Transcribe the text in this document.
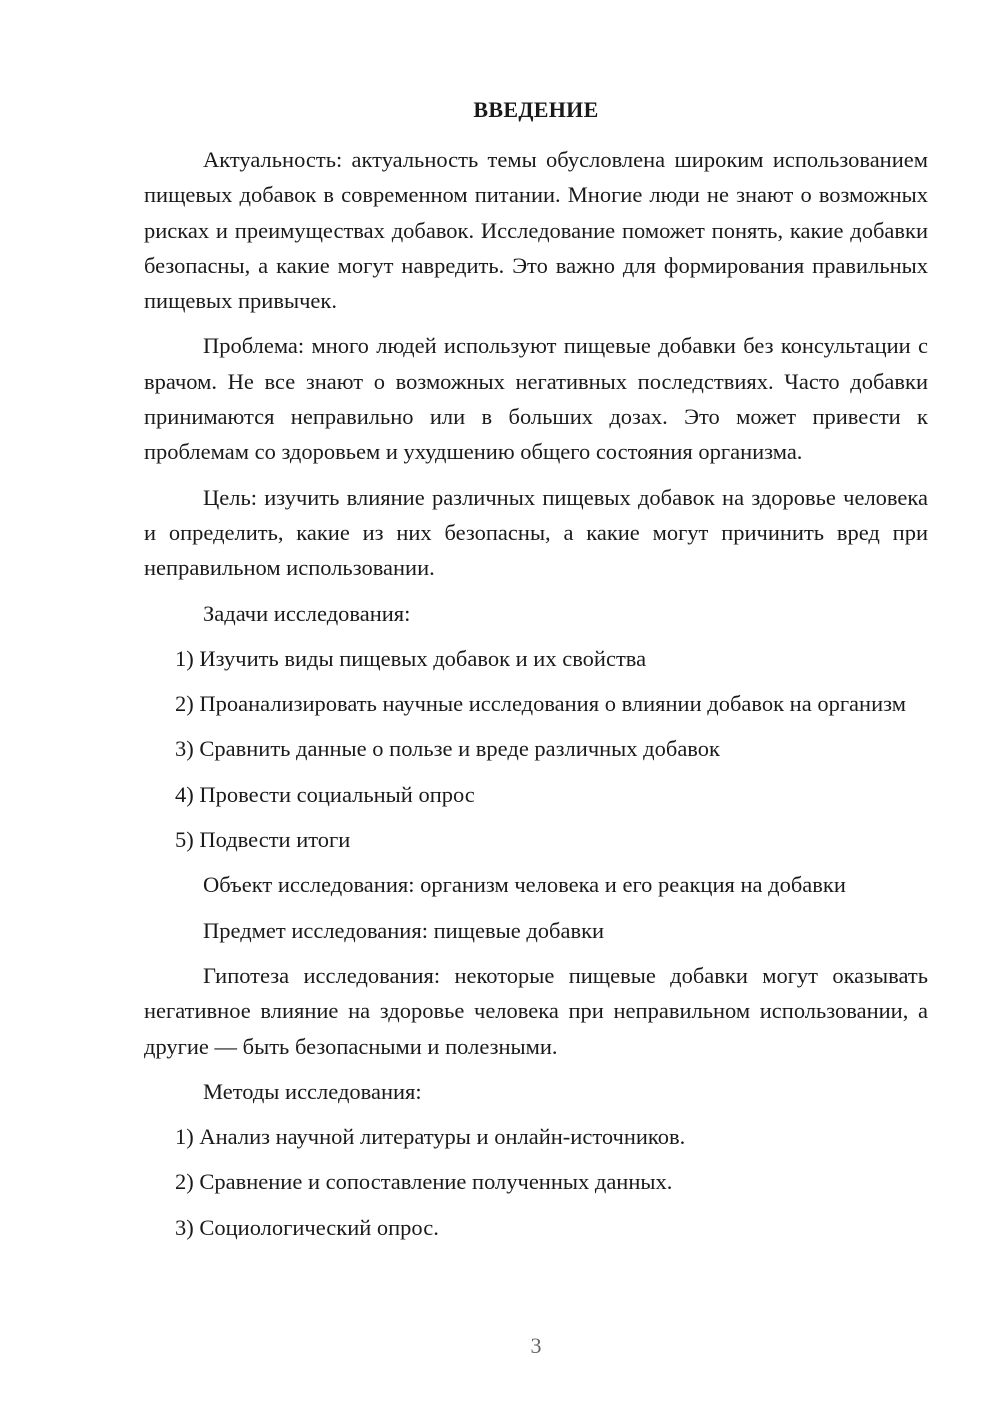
ВВЕДЕНИЕ

Актуальность: актуальность темы обусловлена широким использованием пищевых добавок в современном питании. Многие люди не знают о возможных рисках и преимуществах добавок. Исследование поможет понять, какие добавки безопасны, а какие могут навредить. Это важно для формирования правильных пищевых привычек.

Проблема: много людей используют пищевые добавки без консультации с врачом. Не все знают о возможных негативных последствиях. Часто добавки принимаются неправильно или в больших дозах. Это может привести к проблемам со здоровьем и ухудшению общего состояния организма.

Цель: изучить влияние различных пищевых добавок на здоровье человека и определить, какие из них безопасны, а какие могут причинить вред при неправильном использовании.

Задачи исследования:

1) Изучить виды пищевых добавок и их свойства

2) Проанализировать научные исследования о влиянии добавок на организм

3) Сравнить данные о пользе и вреде различных добавок

4) Провести социальный опрос

5) Подвести итоги

Объект исследования: организм человека и его реакция на добавки

Предмет исследования: пищевые добавки

Гипотеза исследования: некоторые пищевые добавки могут оказывать негативное влияние на здоровье человека при неправильном использовании, а другие — быть безопасными и полезными.

Методы исследования:

1) Анализ научной литературы и онлайн-источников.

2) Сравнение и сопоставление полученных данных.

3) Социологический опрос.

3
